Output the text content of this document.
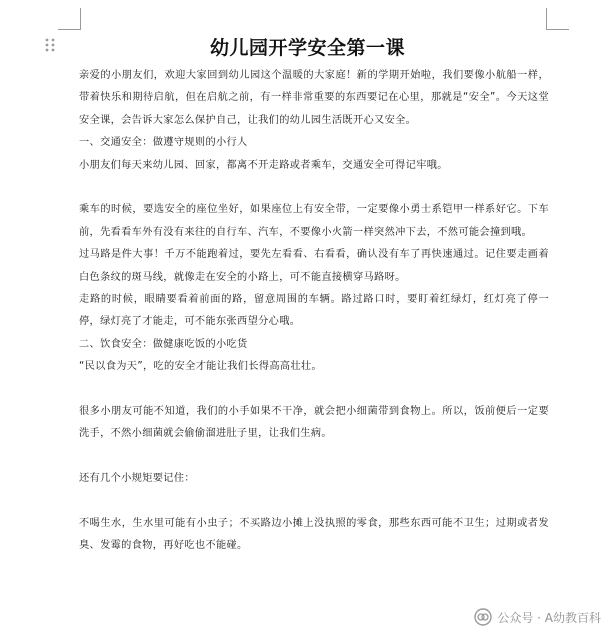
幼儿园开学安全第一课

亲爱的小朋友们，欢迎大家回到幼儿园这个温暖的大家庭！新的学期开始啦，我们要像小航船一样，带着快乐和期待启航，但在启航之前，有一样非常重要的东西要记在心里，那就是“安全”。今天这堂安全课，会告诉大家怎么保护自己，让我们的幼儿园生活既开心又安全。

一、交通安全：做遵守规则的小行人

小朋友们每天来幼儿园、回家，都离不开走路或者乘车，交通安全可得记牢哦。

乘车的时候，要选安全的座位坐好，如果座位上有安全带，一定要像小勇士系铠甲一样系好它。下车前，先看看车外有没有来往的自行车、汽车，不要像小火箭一样突然冲下去，不然可能会撞到哦。

过马路是件大事！千万不能跑着过，要先左看看、右看看，确认没有车了再快速通过。记住要走画着白色条纹的斑马线，就像走在安全的小路上，可不能直接横穿马路呀。

走路的时候，眼睛要看着前面的路，留意周围的车辆。路过路口时，要盯着红绿灯，红灯亮了停一停，绿灯亮了才能走，可不能东张西望分心哦。

二、饮食安全：做健康吃饭的小吃货

“民以食为天”，吃的安全才能让我们长得高高壮壮。

很多小朋友可能不知道，我们的小手如果不干净，就会把小细菌带到食物上。所以，饭前便后一定要洗手，不然小细菌就会偷偷溜进肚子里，让我们生病。

还有几个小规矩要记住：

不喝生水，生水里可能有小虫子；不买路边小摊上没执照的零食，那些东西可能不卫生；过期或者发臭、发霉的食物，再好吃也不能碰。

公众号 · A幼教百科
